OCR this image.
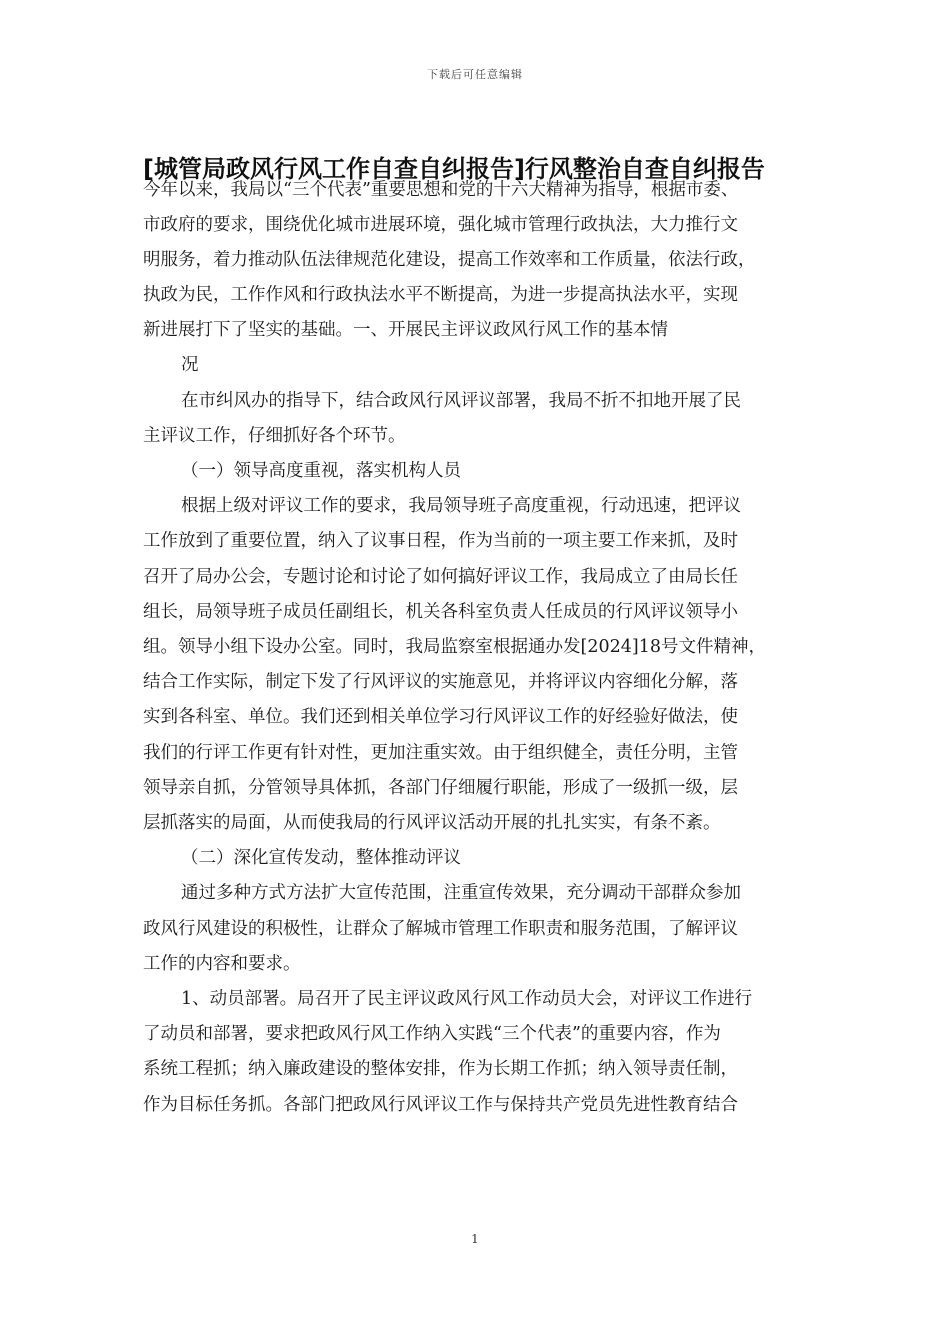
下载后可任意编辑
[城管局政风行风工作自查自纠报告]行风整治自查自纠报告
今年以来，我局以“三个代表”重要思想和党的十六大精神为指导，根据市委、
市政府的要求，围绕优化城市进展环境，强化城市管理行政执法，大力推行文
明服务，着力推动队伍法律规范化建设，提高工作效率和工作质量，依法行政，
执政为民，工作作风和行政执法水平不断提高，为进一步提高执法水平，实现
新进展打下了坚实的基础。一、开展民主评议政风行风工作的基本情
况
在市纠风办的指导下，结合政风行风评议部署，我局不折不扣地开展了民
主评议工作，仔细抓好各个环节。
（一）领导高度重视，落实机构人员
根据上级对评议工作的要求，我局领导班子高度重视，行动迅速，把评议
工作放到了重要位置，纳入了议事日程，作为当前的一项主要工作来抓，及时
召开了局办公会，专题讨论和讨论了如何搞好评议工作，我局成立了由局长任
组长，局领导班子成员任副组长，机关各科室负责人任成员的行风评议领导小
组。领导小组下设办公室。同时，我局监察室根据通办发[2024]18号文件精神，
结合工作实际，制定下发了行风评议的实施意见，并将评议内容细化分解，落
实到各科室、单位。我们还到相关单位学习行风评议工作的好经验好做法，使
我们的行评工作更有针对性，更加注重实效。由于组织健全，责任分明，主管
领导亲自抓，分管领导具体抓，各部门仔细履行职能，形成了一级抓一级，层
层抓落实的局面，从而使我局的行风评议活动开展的扎扎实实，有条不紊。
（二）深化宣传发动，整体推动评议
通过多种方式方法扩大宣传范围，注重宣传效果，充分调动干部群众参加
政风行风建设的积极性，让群众了解城市管理工作职责和服务范围，了解评议
工作的内容和要求。
1、动员部署。局召开了民主评议政风行风工作动员大会，对评议工作进行
了动员和部署，要求把政风行风工作纳入实践“三个代表”的重要内容，作为
系统工程抓；纳入廉政建设的整体安排，作为长期工作抓；纳入领导责任制，
作为目标任务抓。各部门把政风行风评议工作与保持共产党员先进性教育结合
1
